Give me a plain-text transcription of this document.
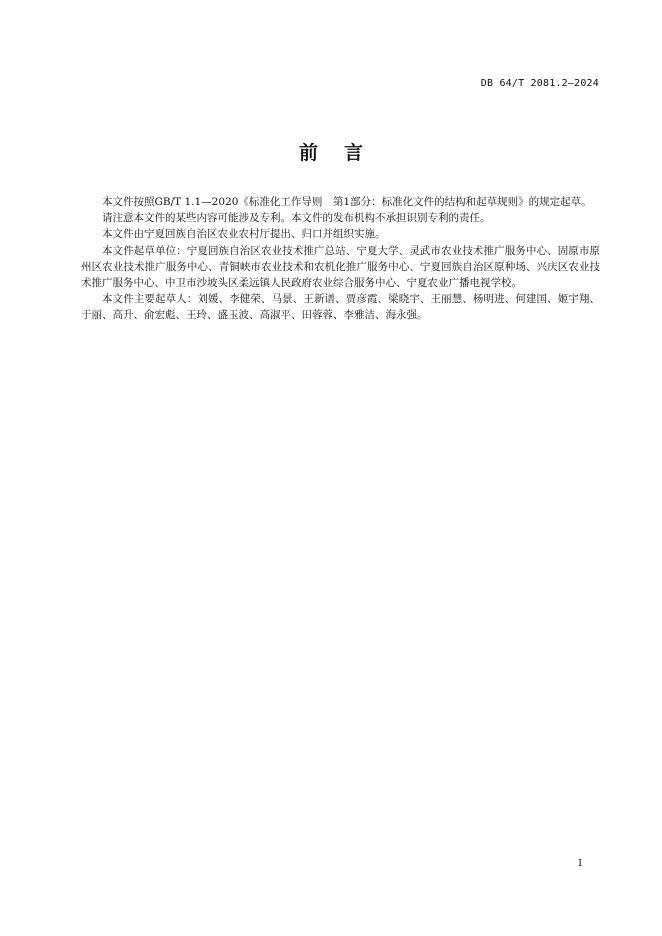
DB 64/T 2081.2—2024
前言

本文件按照GB/T 1.1—2020《标准化工作导则　第1部分：标准化文件的结构和起草规则》的规定起草。

请注意本文件的某些内容可能涉及专利。本文件的发布机构不承担识别专利的责任。

本文件由宁夏回族自治区农业农村厅提出、归口并组织实施。

本文件起草单位：宁夏回族自治区农业技术推广总站、宁夏大学、灵武市农业技术推广服务中心、固原市原州区农业技术推广服务中心、青铜峡市农业技术和农机化推广服务中心、宁夏回族自治区原种场、兴庆区农业技术推广服务中心、中卫市沙坡头区柔远镇人民政府农业综合服务中心、宁夏农业广播电视学校。

本文件主要起草人：刘媛、李健荣、马景、王新谱、贾彦霞、梁晓宇、王丽慧、杨明进、何建国、姬宇翔、于丽、高升、俞宏彪、王玲、盛玉波、高淑平、田蓉蓉、李雅洁、海永强。

I
